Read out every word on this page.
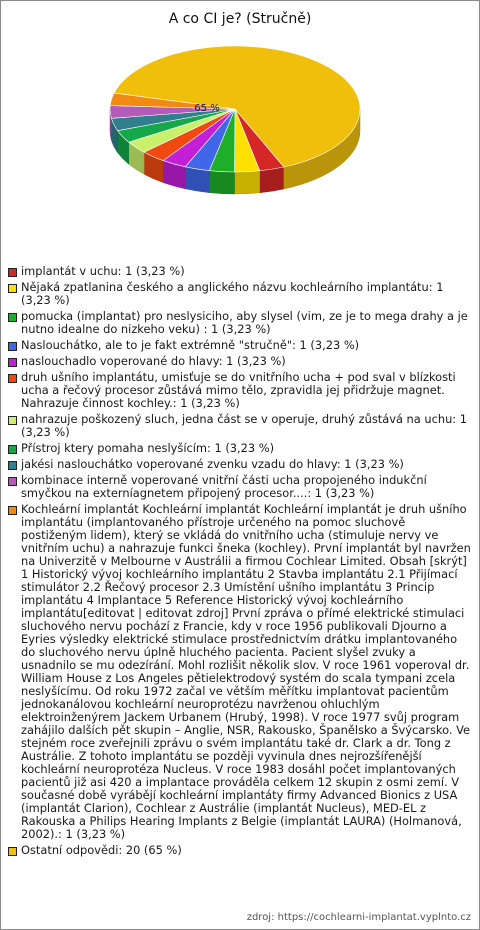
A co CI je? (Stručně)
65 %
implantát v uchu: 1 (3,23 %)
Nějaká zpatlanina českého a anglického názvu kochleárního implantátu: 1 (3,23 %)
pomucka (implantat) pro neslysiciho, aby slysel (vim, ze je to mega drahy a je nutno idealne do nizkeho veku) : 1 (3,23 %)
Naslouchátko, ale to je fakt extrémně "stručně": 1 (3,23 %)
naslouchadlo voperované do hlavy: 1 (3,23 %)
druh ušního implantátu, umisťuje se do vnitřního ucha + pod sval v blízkosti ucha a řečový procesor zůstává mimo tělo, zpravidla jej přidržuje magnet. Nahrazuje činnost kochley.: 1 (3,23 %)
nahrazuje poškozený sluch, jedna část se v operuje, druhý zůstává na uchu: 1 (3,23 %)
Přístroj ktery pomaha neslyšícím: 1 (3,23 %)
jakési naslouchátko voperované zvenku vzadu do hlavy: 1 (3,23 %)
kombinace interně voperované vnitřní části ucha propojeného indukční smyčkou na externíagnetem připojený procesor....: 1 (3,23 %)
Kochleární implantát Kochleární implantát Kochleární implantát je druh ušního implantátu (implantovaného přístroje určeného na pomoc sluchově postiženým lidem), který se vkládá do vnitřního ucha (stimuluje nervy ve vnitřním uchu) a nahrazuje funkci šneka (kochley). První implantát byl navržen na Univerzitě v Melbourne v Austrálii a firmou Cochlear Limited. Obsah [skrýt] 1 Historický vývoj kochleárního implantátu 2 Stavba implantátu 2.1 Přijímací stimulátor 2.2 Řečový procesor 2.3 Umístění ušního implantátu 3 Princip implantátu 4 Implantace 5 Reference Historický vývoj kochleárního implantátu[editovat | editovat zdroj] První zpráva o přímé elektrické stimulaci sluchového nervu pochází z Francie, kdy v roce 1956 publikovali Djourno a Eyries výsledky elektrické stimulace prostřednictvím drátku implantovaného do sluchového nervu úplně hluchého pacienta. Pacient slyšel zvuky a usnadnilo se mu odezírání. Mohl rozlišit několik slov. V roce 1961 voperoval dr. William House z Los Angeles pětielektrodový systém do scala tympani zcela neslyšícímu. Od roku 1972 začal ve větším měřítku implantovat pacientům jednokanálovou kochleární neuroprotézu navrženou ohluchlým elektroinženýrem Jackem Urbanem (Hrubý, 1998). V roce 1977 svůj program zahájilo dalších pět skupin – Anglie, NSR, Rakousko, Španělsko a Švýcarsko. Ve stejném roce zveřejnili zprávu o svém implantátu také dr. Clark a dr. Tong z Austrálie. Z tohoto implantátu se později vyvinula dnes nejrozšířenější kochleární neuroprotéza Nucleus. V roce 1983 dosáhl počet implantovaných pacientů již asi 420 a implantace prováděla celkem 12 skupin z osmi zemí. V současné době vyrábějí kochleární implantáty firmy Advanced Bionics z USA (implantát Clarion), Cochlear z Austrálie (implantát Nucleus), MED-EL z Rakouska a Philips Hearing Implants z Belgie (implantát LAURA) (Holmanová, 2002).: 1 (3,23 %)
Ostatní odpovědi: 20 (65 %)
zdroj: https://cochlearni-implantat.vyplnto.cz
